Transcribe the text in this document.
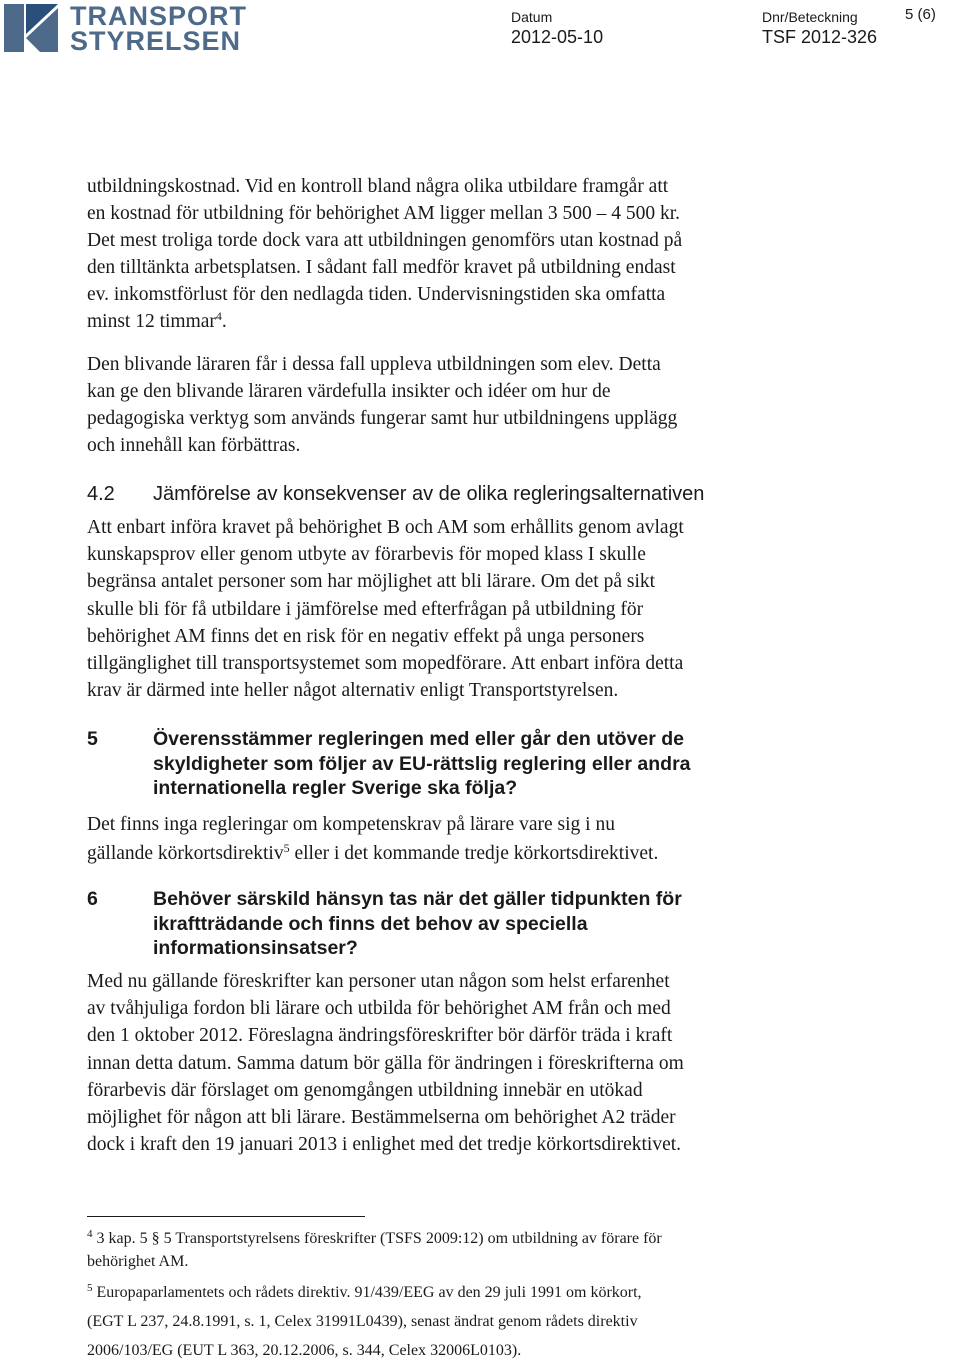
TRANSPORT
STYRELSEN
Datum
2012-05-10
Dnr/Beteckning
TSF 2012-326
5 (6)
utbildningskostnad. Vid en kontroll bland några olika utbildare framgår att
en kostnad för utbildning för behörighet AM ligger mellan 3 500 – 4 500 kr.
Det mest troliga torde dock vara att utbildningen genomförs utan kostnad på
den tilltänkta arbetsplatsen. I sådant fall medför kravet på utbildning endast
ev. inkomstförlust för den nedlagda tiden. Undervisningstiden ska omfatta
minst 12 timmar$^4$.
Den blivande läraren får i dessa fall uppleva utbildningen som elev. Detta
kan ge den blivande läraren värdefulla insikter och idéer om hur de
pedagogiska verktyg som används fungerar samt hur utbildningens upplägg
och innehåll kan förbättras.
4.2 Jämförelse av konsekvenser av de olika regleringsalternativen
Att enbart införa kravet på behörighet B och AM som erhållits genom avlagt
kunskapsprov eller genom utbyte av förarbevis för moped klass I skulle
begränsa antalet personer som har möjlighet att bli lärare. Om det på sikt
skulle bli för få utbildare i jämförelse med efterfrågan på utbildning för
behörighet AM finns det en risk för en negativ effekt på unga personers
tillgänglighet till transportsystemet som mopedförare. Att enbart införa detta
krav är därmed inte heller något alternativ enligt Transportstyrelsen.
5	Överensstämmer regleringen med eller går den utöver de
skyldigheter som följer av EU-rättslig reglering eller andra
internationella regler Sverige ska följa?
Det finns inga regleringar om kompetenskrav på lärare vare sig i nu
gällande körkortsdirektiv$^5$ eller i det kommande tredje körkortsdirektivet.
6	Behöver särskild hänsyn tas när det gäller tidpunkten för
ikraftträdande och finns det behov av speciella
informationsinsatser?
Med nu gällande föreskrifter kan personer utan någon som helst erfarenhet
av tvåhjuliga fordon bli lärare och utbilda för behörighet AM från och med
den 1 oktober 2012. Föreslagna ändringsföreskrifter bör därför träda i kraft
innan detta datum. Samma datum bör gälla för ändringen i föreskrifterna om
förarbevis där förslaget om genomgången utbildning innebär en utökad
möjlighet för någon att bli lärare. Bestämmelserna om behörighet A2 träder
dock i kraft den 19 januari 2013 i enlighet med det tredje körkortsdirektivet.
$^4$ 3 kap. 5 § 5 Transportstyrelsens föreskrifter (TSFS 2009:12) om utbildning av förare för
behörighet AM.
$^5$ Europaparlamentets och rådets direktiv. 91/439/EEG av den 29 juli 1991 om körkort,
(EGT L 237, 24.8.1991, s. 1, Celex 31991L0439), senast ändrat genom rådets direktiv
2006/103/EG (EUT L 363, 20.12.2006, s. 344, Celex 32006L0103).
